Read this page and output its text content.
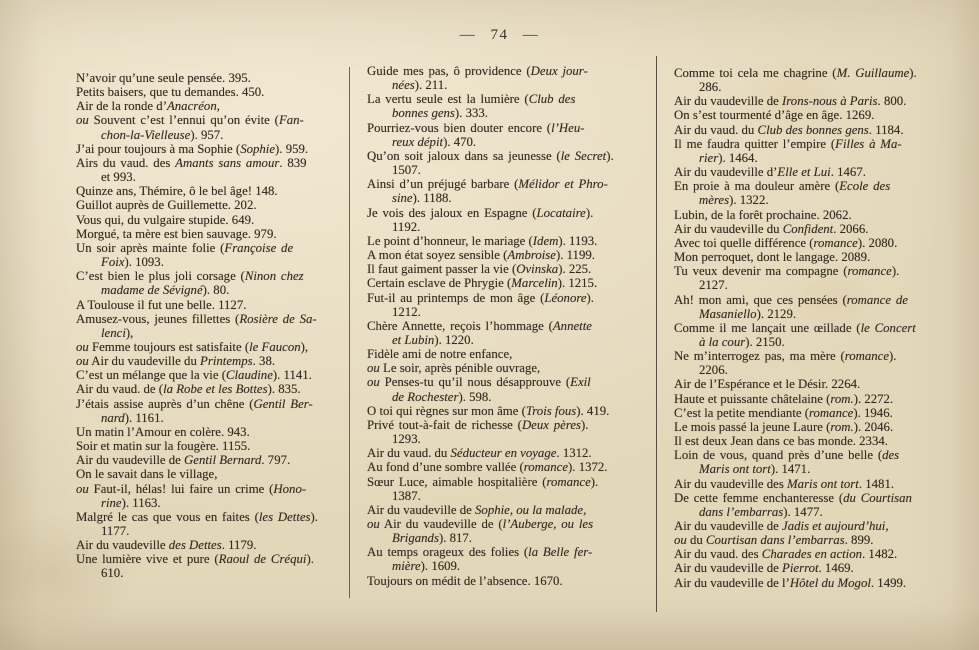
— 74 —
N’avoir qu’une seule pensée. 395.
Petits baisers, que tu demandes. 450.
Air de la ronde d’Anacréon,
ou Souvent c’est l’ennui qu’on évite (Fan-
chon-la-Vielleuse). 957.
J’ai pour toujours à ma Sophie (Sophie). 959.
Airs du vaud. des Amants sans amour. 839
et 993.
Quinze ans, Thémire, ô le bel âge! 148.
Guillot auprès de Guillemette. 202.
Vous qui, du vulgaire stupide. 649.
Morgué, ta mère est bien sauvage. 979.
Un soir après mainte folie (Françoise de
Foix). 1093.
C’est bien le plus joli corsage (Ninon chez
madame de Sévigné). 80.
A Toulouse il fut une belle. 1127.
Amusez-vous, jeunes fillettes (Rosière de Sa-
lenci),
ou Femme toujours est satisfaite (le Faucon),
ou Air du vaudeville du Printemps. 38.
C’est un mélange que la vie (Claudine). 1141.
Air du vaud. de (la Robe et les Bottes). 835.
J’étais assise auprès d’un chêne (Gentil Ber-
nard). 1161.
Un matin l’Amour en colère. 943.
Soir et matin sur la fougère. 1155.
Air du vaudeville de Gentil Bernard. 797.
On le savait dans le village,
ou Faut-il, hélas! lui faire un crime (Hono-
rine). 1163.
Malgré le cas que vous en faites (les Dettes).
1177.
Air du vaudeville des Dettes. 1179.
Une lumière vive et pure (Raoul de Créqui).
610.
Guide mes pas, ô providence (Deux jour-
nées). 211.
La vertu seule est la lumière (Club des
bonnes gens). 333.
Pourriez-vous bien douter encore (l’Heu-
reux dépit). 470.
Qu’on soit jaloux dans sa jeunesse (le Secret).
1507.
Ainsi d’un préjugé barbare (Mélidor et Phro-
sine). 1188.
Je vois des jaloux en Espagne (Locataire).
1192.
Le point d’honneur, le mariage (Idem). 1193.
A mon état soyez sensible (Ambroise). 1199.
Il faut gaiment passer la vie (Ovinska). 225.
Certain esclave de Phrygie (Marcelin). 1215.
Fut-il au printemps de mon âge (Léonore).
1212.
Chère Annette, reçois l’hommage (Annette
et Lubin). 1220.
Fidèle ami de notre enfance,
ou Le soir, après pénible ouvrage,
ou Penses-tu qu’il nous désapprouve (Exil
de Rochester). 598.
O toi qui règnes sur mon âme (Trois fous). 419.
Privé tout-à-fait de richesse (Deux pères).
1293.
Air du vaud. du Séducteur en voyage. 1312.
Au fond d’une sombre vallée (romance). 1372.
Sœur Luce, aimable hospitalière (romance).
1387.
Air du vaudeville de Sophie, ou la malade,
ou Air du vaudeville de (l’Auberge, ou les
Brigands). 817.
Au temps orageux des folies (la Belle fer-
mière). 1609.
Toujours on médit de l’absence. 1670.
Comme toi cela me chagrine (M. Guillaume).
286.
Air du vaudeville de Irons-nous à Paris. 800.
On s’est tourmenté d’âge en âge. 1269.
Air du vaud. du Club des bonnes gens. 1184.
Il me faudra quitter l’empire (Filles à Ma-
rier). 1464.
Air du vaudeville d’Elle et Lui. 1467.
En proie à ma douleur amère (Ecole des
mères). 1322.
Lubin, de la forêt prochaine. 2062.
Air du vaudeville du Confident. 2066.
Avec toi quelle différence (romance). 2080.
Mon perroquet, dont le langage. 2089.
Tu veux devenir ma compagne (romance).
2127.
Ah! mon ami, que ces pensées (romance de
Masaniello). 2129.
Comme il me lançait une œillade (le Concert
à la cour). 2150.
Ne m’interrogez pas, ma mère (romance).
2206.
Air de l’Espérance et le Désir. 2264.
Haute et puissante châtelaine (rom.). 2272.
C’est la petite mendiante (romance). 1946.
Le mois passé la jeune Laure (rom.). 2046.
Il est deux Jean dans ce bas monde. 2334.
Loin de vous, quand près d’une belle (des
Maris ont tort). 1471.
Air du vaudeville des Maris ont tort. 1481.
De cette femme enchanteresse (du Courtisan
dans l’embarras). 1477.
Air du vaudeville de Jadis et aujourd’hui,
ou du Courtisan dans l’embarras. 899.
Air du vaud. des Charades en action. 1482.
Air du vaudeville de Pierrot. 1469.
Air du vaudeville de l’Hôtel du Mogol. 1499.
